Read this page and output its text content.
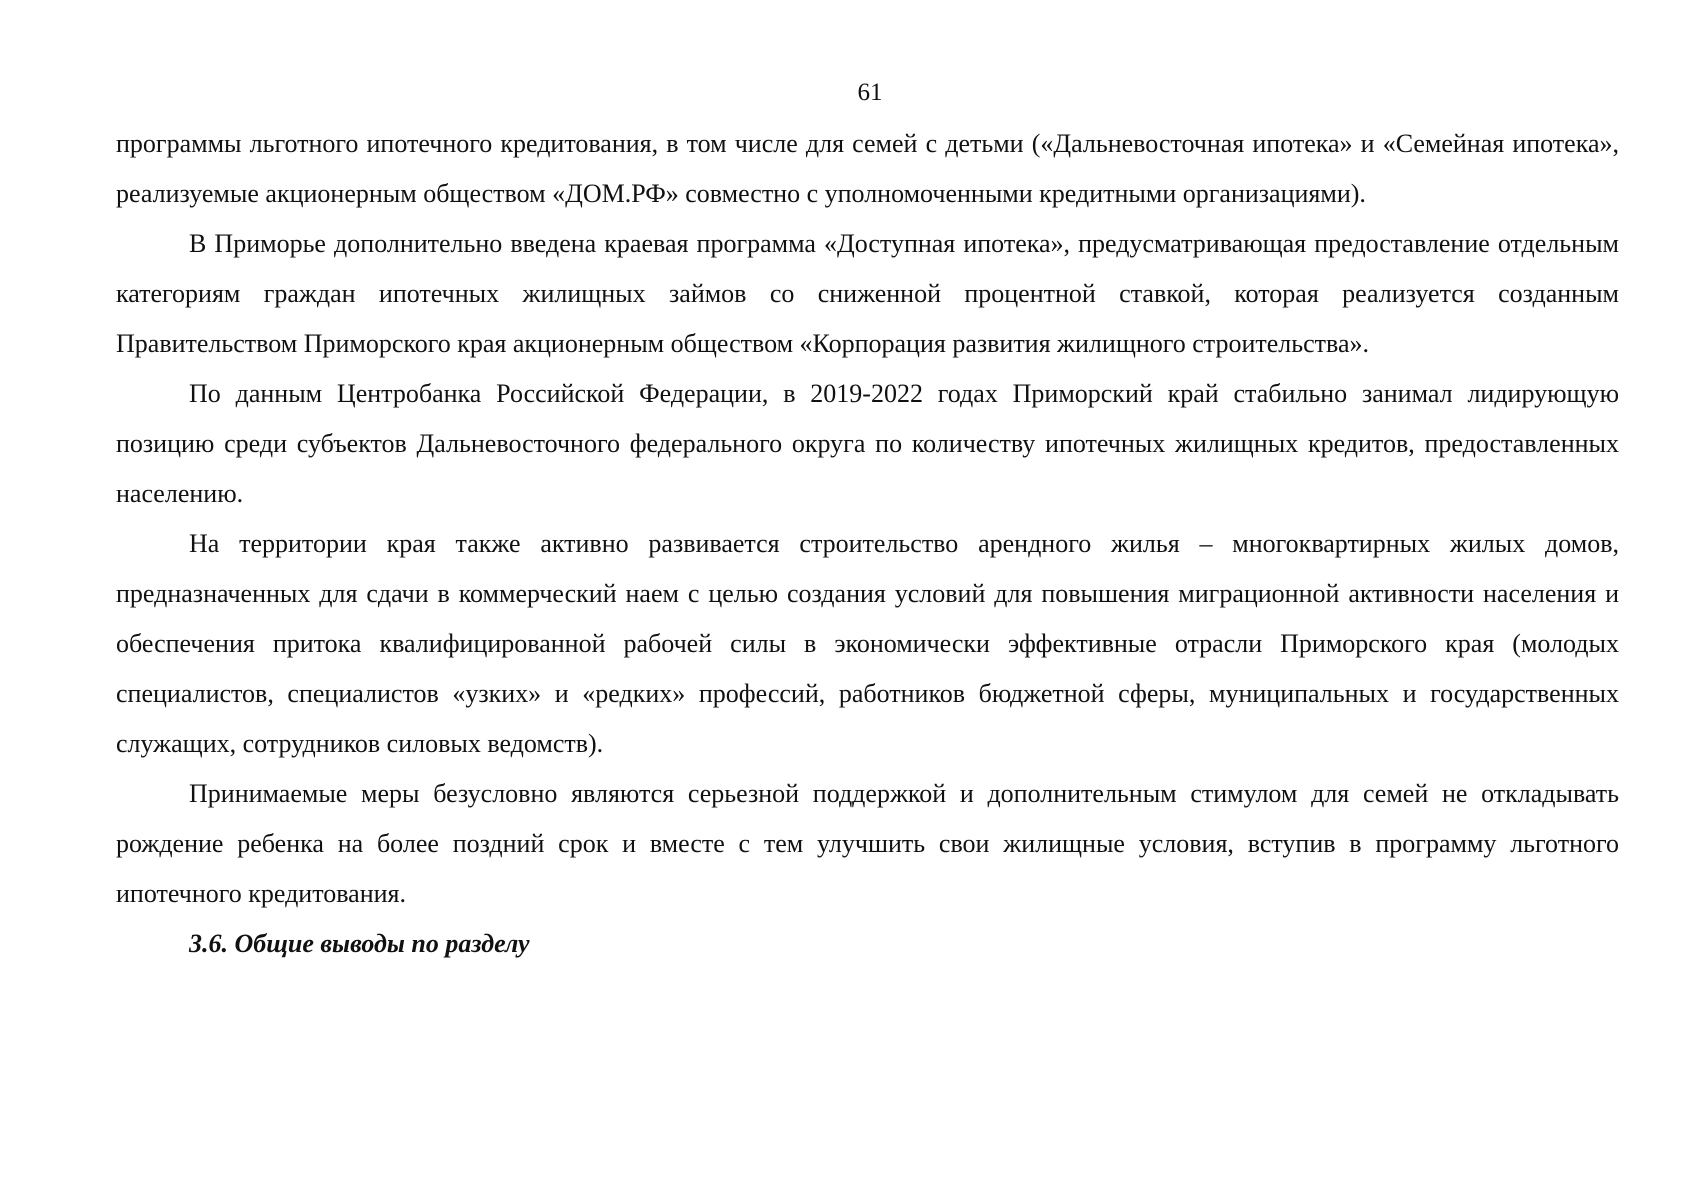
61

программы льготного ипотечного кредитования, в том числе для семей с детьми («Дальневосточная ипотека» и «Семейная ипотека», реализуемые акционерным обществом «ДОМ.РФ» совместно с уполномоченными кредитными организациями).

В Приморье дополнительно введена краевая программа «Доступная ипотека», предусматривающая предоставление отдельным категориям граждан ипотечных жилищных займов со сниженной процентной ставкой, которая реализуется созданным Правительством Приморского края акционерным обществом «Корпорация развития жилищного строительства».

По данным Центробанка Российской Федерации, в 2019-2022 годах Приморский край стабильно занимал лидирующую позицию среди субъектов Дальневосточного федерального округа по количеству ипотечных жилищных кредитов, предоставленных населению.

На территории края также активно развивается строительство арендного жилья – многоквартирных жилых домов, предназначенных для сдачи в коммерческий наем с целью создания условий для повышения миграционной активности населения и обеспечения притока квалифицированной рабочей силы в экономически эффективные отрасли Приморского края (молодых специалистов, специалистов «узких» и «редких» профессий, работников бюджетной сферы, муниципальных и государственных служащих, сотрудников силовых ведомств).

Принимаемые меры безусловно являются серьезной поддержкой и дополнительным стимулом для семей не откладывать рождение ребенка на более поздний срок и вместе с тем улучшить свои жилищные условия, вступив в программу льготного ипотечного кредитования.

3.6. Общие выводы по разделу
